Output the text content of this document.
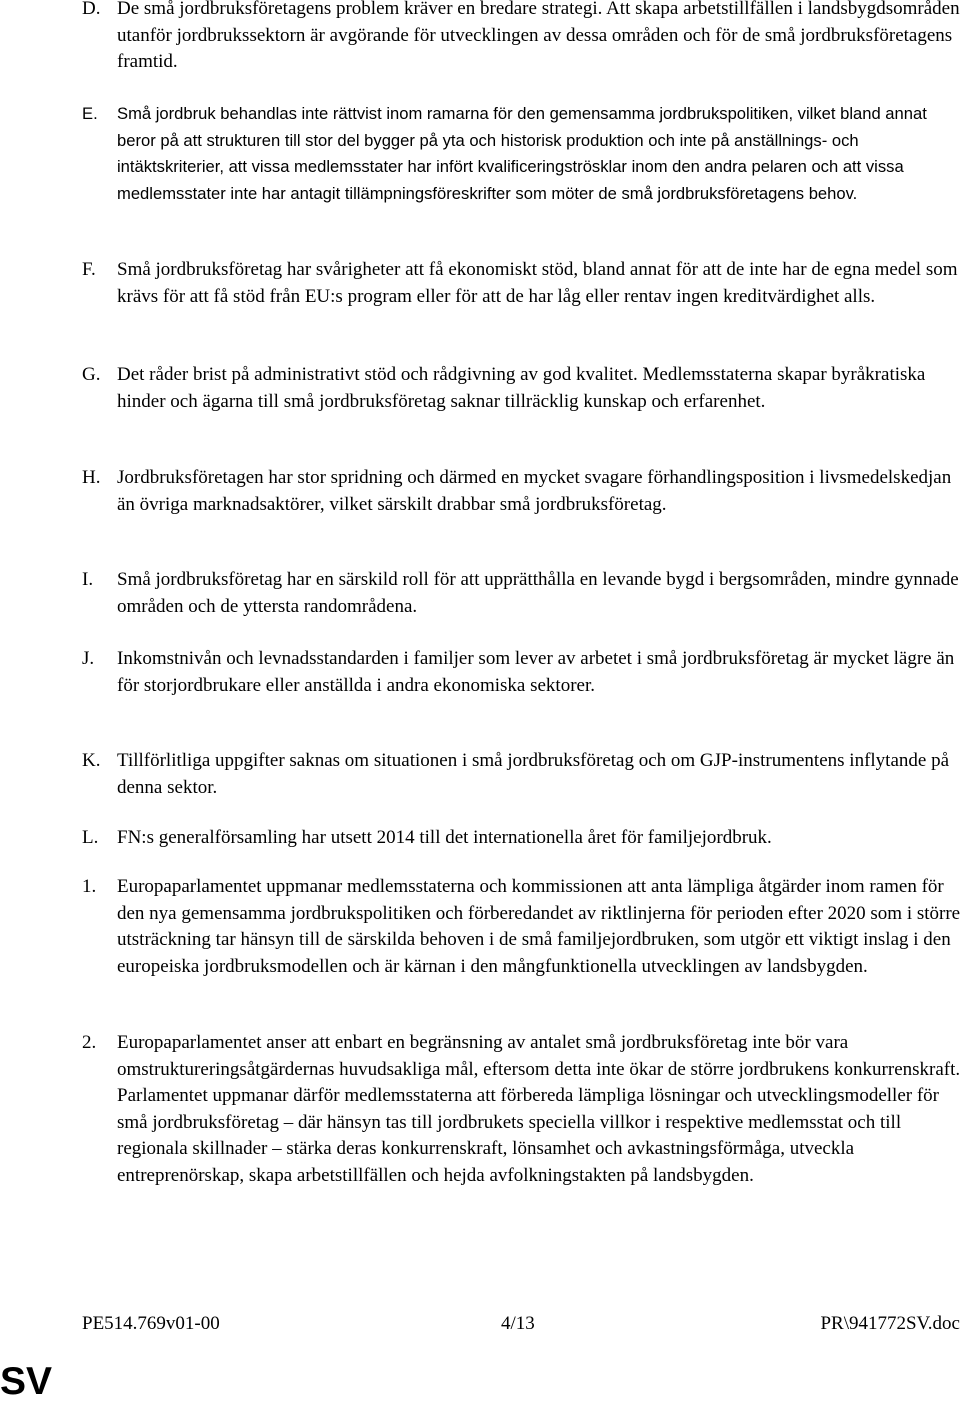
D. De små jordbruksföretagens problem kräver en bredare strategi. Att skapa arbetstillfällen i landsbygdsområden utanför jordbrukssektorn är avgörande för utvecklingen av dessa områden och för de små jordbruksföretagens framtid.
E. Små jordbruk behandlas inte rättvist inom ramarna för den gemensamma jordbrukspolitiken, vilket bland annat beror på att strukturen till stor del bygger på yta och historisk produktion och inte på anställnings- och intäktskriterier, att vissa medlemsstater har infört kvalificeringströsklar inom den andra pelaren och att vissa medlemsstater inte har antagit tillämpningsföreskrifter som möter de små jordbruksföretagens behov.
F. Små jordbruksföretag har svårigheter att få ekonomiskt stöd, bland annat för att de inte har de egna medel som krävs för att få stöd från EU:s program eller för att de har låg eller rentav ingen kreditvärdighet alls.
G. Det råder brist på administrativt stöd och rådgivning av god kvalitet. Medlemsstaterna skapar byråkratiska hinder och ägarna till små jordbruksföretag saknar tillräcklig kunskap och erfarenhet.
H. Jordbruksföretagen har stor spridning och därmed en mycket svagare förhandlingsposition i livsmedelskedjan än övriga marknadsaktörer, vilket särskilt drabbar små jordbruksföretag.
I. Små jordbruksföretag har en särskild roll för att upprätthålla en levande bygd i bergsområden, mindre gynnade områden och de yttersta randområdena.
J. Inkomstnivån och levnadsstandarden i familjer som lever av arbetet i små jordbruksföretag är mycket lägre än för storjordbrukare eller anställda i andra ekonomiska sektorer.
K. Tillförlitliga uppgifter saknas om situationen i små jordbruksföretag och om GJP-instrumentens inflytande på denna sektor.
L. FN:s generalförsamling har utsett 2014 till det internationella året för familjejordbruk.
1. Europaparlamentet uppmanar medlemsstaterna och kommissionen att anta lämpliga åtgärder inom ramen för den nya gemensamma jordbrukspolitiken och förberedandet av riktlinjerna för perioden efter 2020 som i större utsträckning tar hänsyn till de särskilda behoven i de små familjejordbruken, som utgör ett viktigt inslag i den europeiska jordbruksmodellen och är kärnan i den mångfunktionella utvecklingen av landsbygden.
2. Europaparlamentet anser att enbart en begränsning av antalet små jordbruksföretag inte bör vara omstruktureringsåtgärdernas huvudsakliga mål, eftersom detta inte ökar de större jordbrukens konkurrenskraft. Parlamentet uppmanar därför medlemsstaterna att förbereda lämpliga lösningar och utvecklingsmodeller för små jordbruksföretag – där hänsyn tas till jordbrukets speciella villkor i respektive medlemsstat och till regionala skillnader – stärka deras konkurrenskraft, lönsamhet och avkastningsförmåga, utveckla entreprenörskap, skapa arbetstillfällen och hejda avfolkningstakten på landsbygden.
PE514.769v01-00	4/13	PR\941772SV.doc
SV
